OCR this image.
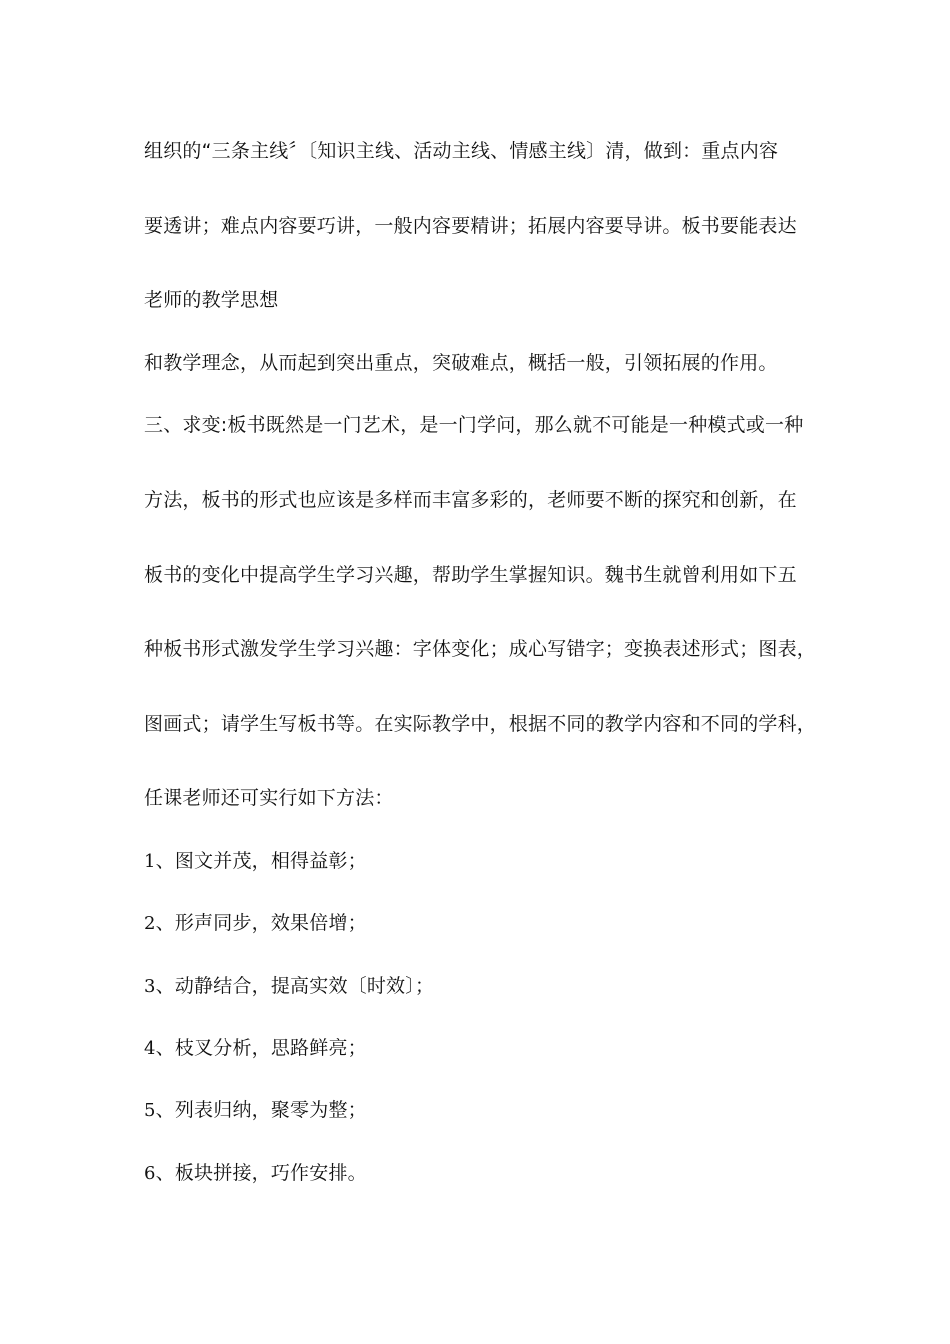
组织的“三条主线〞〔知识主线、活动主线、情感主线〕清，做到：重点内容
要透讲；难点内容要巧讲，一般内容要精讲；拓展内容要导讲。板书要能表达
老师的教学思想
和教学理念，从而起到突出重点，突破难点，概括一般，引领拓展的作用。
三、求变:板书既然是一门艺术，是一门学问，那么就不可能是一种模式或一种
方法，板书的形式也应该是多样而丰富多彩的，老师要不断的探究和创新，在
板书的变化中提高学生学习兴趣，帮助学生掌握知识。魏书生就曾利用如下五
种板书形式激发学生学习兴趣：字体变化；成心写错字；变换表述形式；图表，
图画式；请学生写板书等。在实际教学中，根据不同的教学内容和不同的学科，
任课老师还可实行如下方法：
1、图文并茂，相得益彰；
2、形声同步，效果倍增；
3、动静结合，提高实效〔时效〕；
4、枝叉分析，思路鲜亮；
5、列表归纳，聚零为整；
6、板块拼接，巧作安排。
